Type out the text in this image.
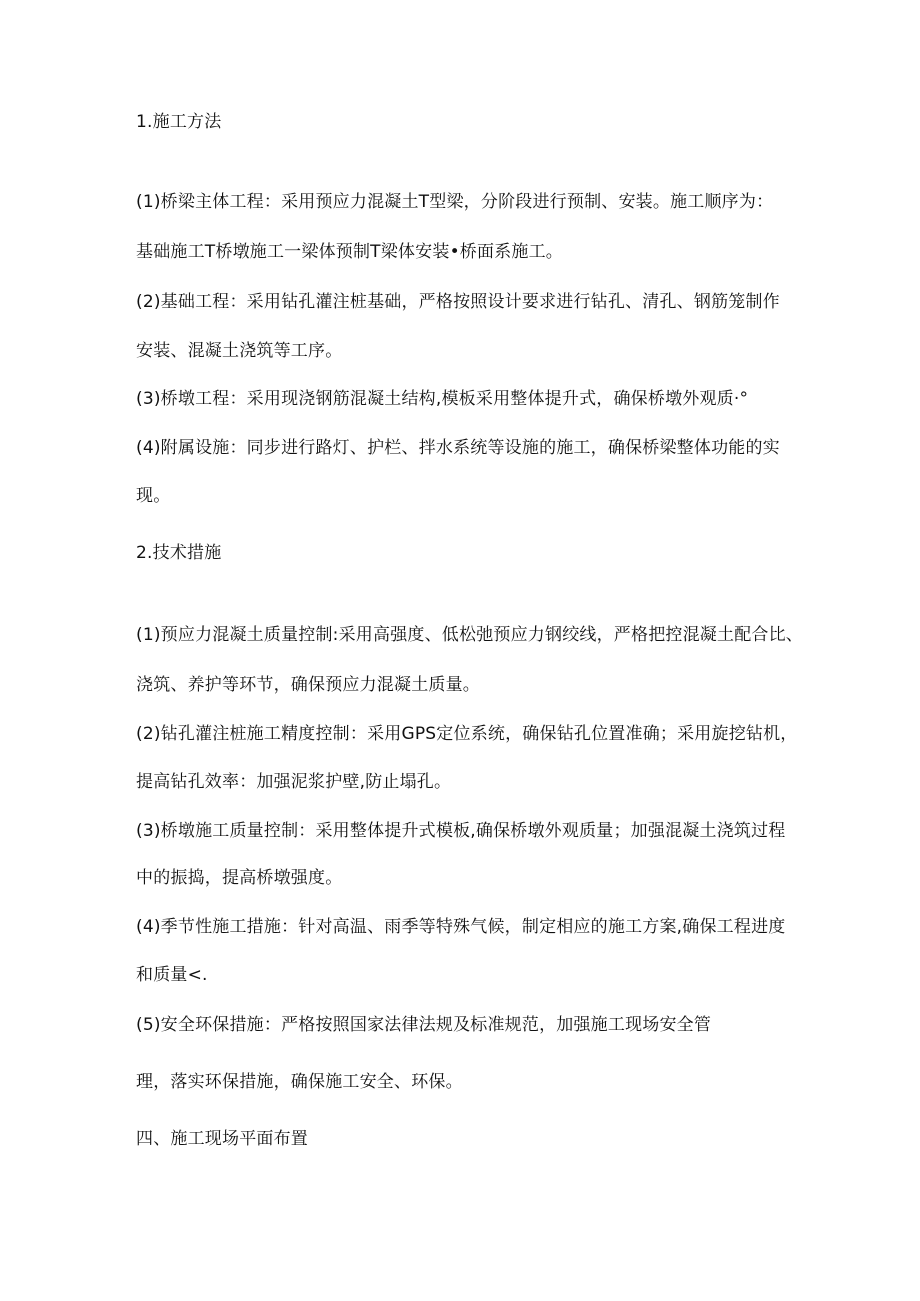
1.施工方法
(1)桥梁主体工程：采用预应力混凝土T型梁，分阶段进行预制、安装。施工顺序为：
基础施工T桥墩施工一梁体预制T梁体安装•桥面系施工。
(2)基础工程：采用钻孔灌注桩基础，严格按照设计要求进行钻孔、清孔、钢筋笼制作
安装、混凝土浇筑等工序。
(3)桥墩工程：采用现浇钢筋混凝土结构,模板采用整体提升式，确保桥墩外观质·°
(4)附属设施：同步进行路灯、护栏、拌水系统等设施的施工，确保桥梁整体功能的实
现。
2.技术措施
(1)预应力混凝土质量控制:采用高强度、低松弛预应力钢绞线，严格把控混凝土配合比、
浇筑、养护等环节，确保预应力混凝土质量。
(2)钻孔灌注桩施工精度控制：采用GPS定位系统，确保钻孔位置准确；采用旋挖钻机，
提高钻孔效率：加强泥浆护壁,防止塌孔。
(3)桥墩施工质量控制：采用整体提升式模板,确保桥墩外观质量；加强混凝土浇筑过程
中的振捣，提高桥墩强度。
(4)季节性施工措施：针对高温、雨季等特殊气候，制定相应的施工方案,确保工程进度
和质量<.
(5)安全环保措施：严格按照国家法律法规及标准规范，加强施工现场安全管
理，落实环保措施，确保施工安全、环保。
四、施工现场平面布置
